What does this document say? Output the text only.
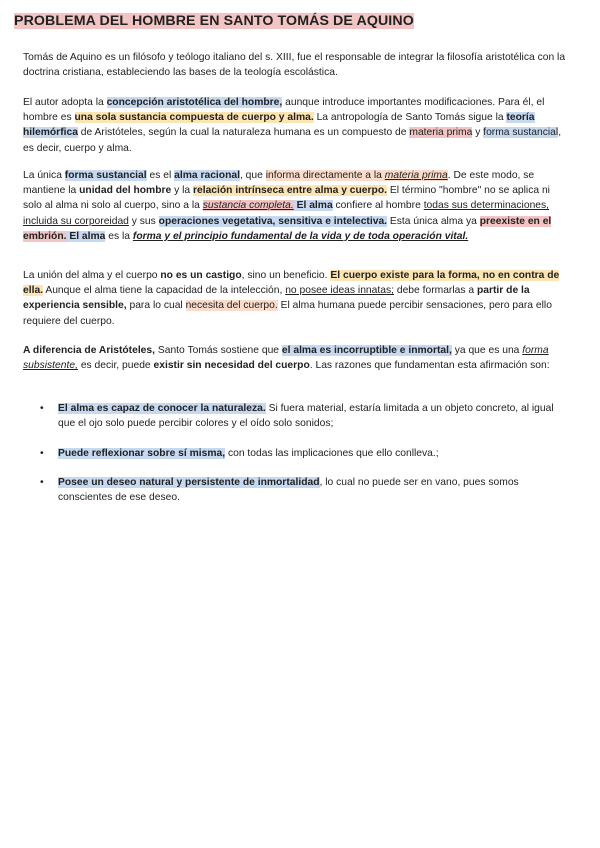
PROBLEMA DEL HOMBRE EN SANTO TOMÁS DE AQUINO

Tomás de Aquino es un filósofo y teólogo italiano del s. XIII, fue el responsable de integrar la filosofía aristotélica con la doctrina cristiana, estableciendo las bases de la teología escolástica.

El autor adopta la concepción aristotélica del hombre, aunque introduce importantes modificaciones. Para él, el hombre es una sola sustancia compuesta de cuerpo y alma. La antropología de Santo Tomás sigue la teoría hilemórfica de Aristóteles, según la cual la naturaleza humana es un compuesto de materia prima y forma sustancial, es decir, cuerpo y alma.

La única forma sustancial es el alma racional, que informa directamente a la materia prima. De este modo, se mantiene la unidad del hombre y la relación intrínseca entre alma y cuerpo. El término "hombre" no se aplica ni solo al alma ni solo al cuerpo, sino a la sustancia completa. El alma confiere al hombre todas sus determinaciones, incluida su corporeidad y sus operaciones vegetativa, sensitiva e intelectiva. Esta única alma ya preexiste en el embrión. El alma es la forma y el principio fundamental de la vida y de toda operación vital.

La unión del alma y el cuerpo no es un castigo, sino un beneficio. El cuerpo existe para la forma, no en contra de ella. Aunque el alma tiene la capacidad de la intelección, no posee ideas innatas; debe formarlas a partir de la experiencia sensible, para lo cual necesita del cuerpo. El alma humana puede percibir sensaciones, pero para ello requiere del cuerpo.

A diferencia de Aristóteles, Santo Tomás sostiene que el alma es incorruptible e inmortal, ya que es una forma subsistente, es decir, puede existir sin necesidad del cuerpo. Las razones que fundamentan esta afirmación son:

• El alma es capaz de conocer la naturaleza. Si fuera material, estaría limitada a un objeto concreto, al igual que el ojo solo puede percibir colores y el oído solo sonidos;
• Puede reflexionar sobre sí misma, con todas las implicaciones que ello conlleva.;
• Posee un deseo natural y persistente de inmortalidad, lo cual no puede ser en vano, pues somos conscientes de ese deseo.
